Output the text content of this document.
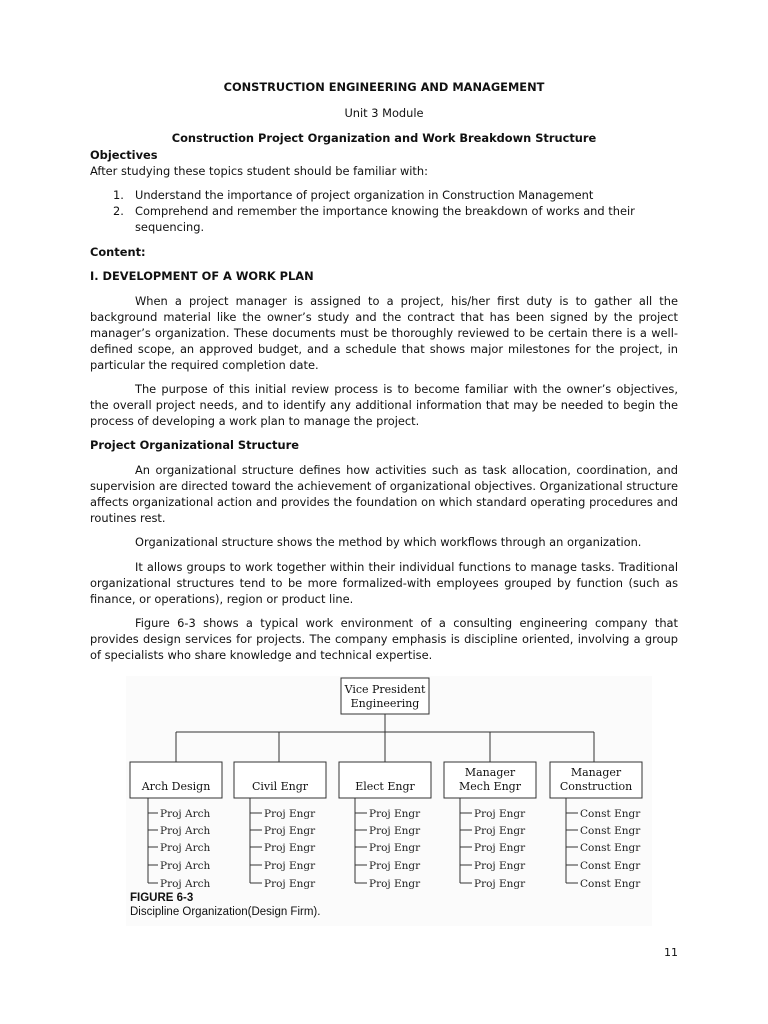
CONSTRUCTION ENGINEERING AND MANAGEMENT
Unit 3 Module
Construction Project Organization and Work Breakdown Structure
Objectives
After studying these topics student should be familiar with:
1. Understand the importance of project organization in Construction Management
2. Comprehend and remember the importance knowing the breakdown of works and their sequencing.
Content:
I. DEVELOPMENT OF A WORK PLAN
When a project manager is assigned to a project, his/her first duty is to gather all the background material like the owner’s study and the contract that has been signed by the project manager’s organization. These documents must be thoroughly reviewed to be certain there is a well-defined scope, an approved budget, and a schedule that shows major milestones for the project, in particular the required completion date.
The purpose of this initial review process is to become familiar with the owner’s objectives, the overall project needs, and to identify any additional information that may be needed to begin the process of developing a work plan to manage the project.
Project Organizational Structure
An organizational structure defines how activities such as task allocation, coordination, and supervision are directed toward the achievement of organizational objectives. Organizational structure affects organizational action and provides the foundation on which standard operating procedures and routines rest.
Organizational structure shows the method by which workflows through an organization.
It allows groups to work together within their individual functions to manage tasks. Traditional organizational structures tend to be more formalized-with employees grouped by function (such as finance, or operations), region or product line.
Figure 6-3 shows a typical work environment of a consulting engineering company that provides design services for projects. The company emphasis is discipline oriented, involving a group of specialists who share knowledge and technical expertise.
Vice President
Engineering
Arch Design	Civil Engr	Elect Engr
Manager
Mech Engr
Manager
Construction
Proj Arch
Proj Arch
Proj Arch
Proj Arch
Proj Arch
Proj Engr
Proj Engr
Proj Engr
Proj Engr
Proj Engr
Proj Engr
Proj Engr
Proj Engr
Proj Engr
Proj Engr
Proj Engr
Proj Engr
Proj Engr
Proj Engr
Proj Engr
Const Engr
Const Engr
Const Engr
Const Engr
Const Engr
FIGURE 6-3
Discipline Organization(Design Firm).
11
